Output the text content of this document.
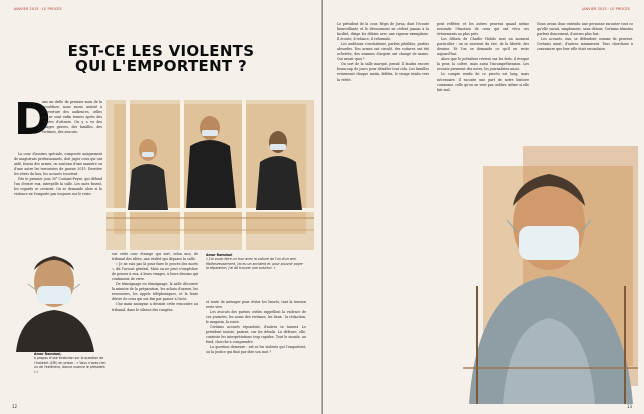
JANVIER 2015 · LE PROCÈS
EST-CE LES VIOLENTS QUI L'EMPORTENT ?
D

ans un drôle de premier mois de la procédure, nous avons assisté à l'ouverture des audiences, celles qui se sont enfin tenues après des années d'attente. On y a vu des visages graves, des familles, des victimes, des avocats.

La cour d'assises spéciale, composée uniquement de magistrats professionnels, doit juger ceux qui ont aidé, fourni des armes, ou soutenu d'une manière ou d'une autre les terroristes de janvier 2015. Derrière les vitres du box, les accusés écoutent.

Dès le premier jour, M° Coutant-Peyre, qui défend l'un d'entre eux, interpelle la salle. Les mots fusent, les regards se croisent. On se demande alors si la violence ne l'emporte pas toujours sur le reste.

Amar Ramdani,
à propos d'une évolution sur la question de l'incident (CRI) en prison : « Vous n'avez rien vu de l'extérieur, bonne nuance le président ! »

sur cette cour étrange qui sert, selon moi, de tribunal des idées, une réalité qui dépasse la salle.

« Je ne suis pas là pour faire le procès des morts », dit l'avocat général. Mais on ne peut s'empêcher de penser à eux, à leurs visages, à leurs dessins qui continuent de vivre.

De témoignage en témoignage, la salle découvre la minutie de la préparation, les achats d'armes, les rencontres, les appels téléphoniques, et la lente dérive de ceux qui ont fini par passer à l'acte.

Une main anonyme a dessiné cette rencontre au tribunal, dans le silence des rangées.

Amar Ramdani
« J'ai voulu faire un tour avec la voiture de l'un d'un ami. Malheureusement, j'ai eu un accident et, pour pouvoir payer la réparation, j'ai dû trouver une solution. »

et tente de ménager pour éviter les heurts, tant la tension reste vive.

Les avocats des parties civiles rappellent la violence de ces journées, les noms des victimes, les lieux : la rédaction, le magasin, la route.

Certains accusés répondent, d'autres se taisent. Le président insiste, patient, sur les détails. La défense, elle, conteste les interprétations trop rapides. Tout le monde, au fond, cherche à comprendre.

La question demeure : est-ce les violents qui l'emportent, ou la justice qui finit par dire son mot ?

12
JANVIER 2015 · LE PROCÈS

Le président de la cour, Régis de Jorna, dont l'écoute bienveillante et le dévouement ne cèdent jamais à la facilité, dirige les débats avec une rigueur exemplaire. Il écoute, il relance, il reformule.

Les auditions s'enchaînent, parfois pénibles, parfois absurdes. Des armes ont circulé, des voitures ont été achetées, des sommes d'argent ont changé de mains. Qui savait quoi ?

On sort de la salle marqué, pensif. Il faudra encore beaucoup de jours pour démêler tout cela. Les familles reviennent chaque matin, fidèles, le visage tendu vers la vérité.

peut refléter, et les autres peuvent quand même ressentir l'émotion de ceux qui ont vécu ces événements au plus près.

Les débats de Charlie Hebdo sont un moment particulier : on se souvient du rire, de la liberté, des dessins. Et l'on se demande ce qu'il en reste aujourd'hui.

Alors que le président revient sur les faits, il évoque la peur, la colère, mais aussi l'incompréhension. Les avocats prennent des notes, les journalistes aussi.

Le compte rendu de ce procès est long, mais nécessaire. Il raconte une part de notre histoire commune, celle qu'on ne veut pas oublier, même si elle fait mal.

Nous avons donc entendu une personne raconter tout ce qu'elle savait, simplement, sans détour. Certains témoins parlent doucement, d'autres plus fort.

Les accusés, eux, se défendent comme ils peuvent. Certains nient, d'autres minimisent. Tous cherchent à convaincre que leur rôle était secondaire.

13
